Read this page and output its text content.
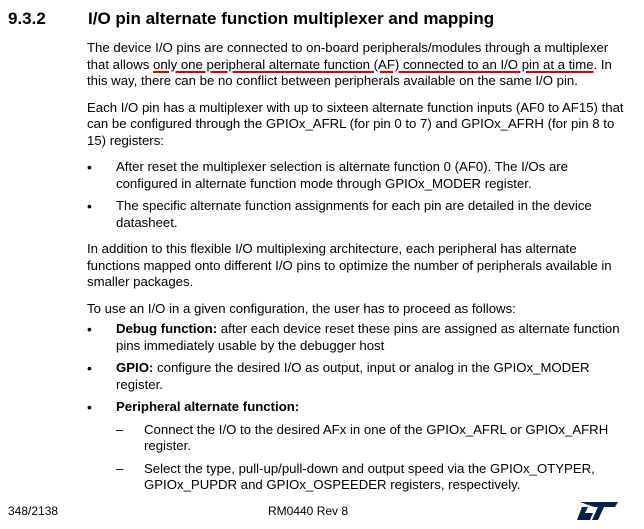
9.3.2 I/O pin alternate function multiplexer and mapping

The device I/O pins are connected to on-board peripherals/modules through a multiplexer that allows only one peripheral alternate function (AF) connected to an I/O pin at a time. In this way, there can be no conflict between peripherals available on the same I/O pin.

Each I/O pin has a multiplexer with up to sixteen alternate function inputs (AF0 to AF15) that can be configured through the GPIOx_AFRL (for pin 0 to 7) and GPIOx_AFRH (for pin 8 to 15) registers:

• After reset the multiplexer selection is alternate function 0 (AF0). The I/Os are configured in alternate function mode through GPIOx_MODER register.
• The specific alternate function assignments for each pin are detailed in the device datasheet.

In addition to this flexible I/O multiplexing architecture, each peripheral has alternate functions mapped onto different I/O pins to optimize the number of peripherals available in smaller packages.

To use an I/O in a given configuration, the user has to proceed as follows:

• Debug function: after each device reset these pins are assigned as alternate function pins immediately usable by the debugger host
• GPIO: configure the desired I/O as output, input or analog in the GPIOx_MODER register.
• Peripheral alternate function:
– Connect the I/O to the desired AFx in one of the GPIOx_AFRL or GPIOx_AFRH register.
– Select the type, pull-up/pull-down and output speed via the GPIOx_OTYPER, GPIOx_PUPDR and GPIOx_OSPEEDER registers, respectively.
348/2138	RM0440 Rev 8
